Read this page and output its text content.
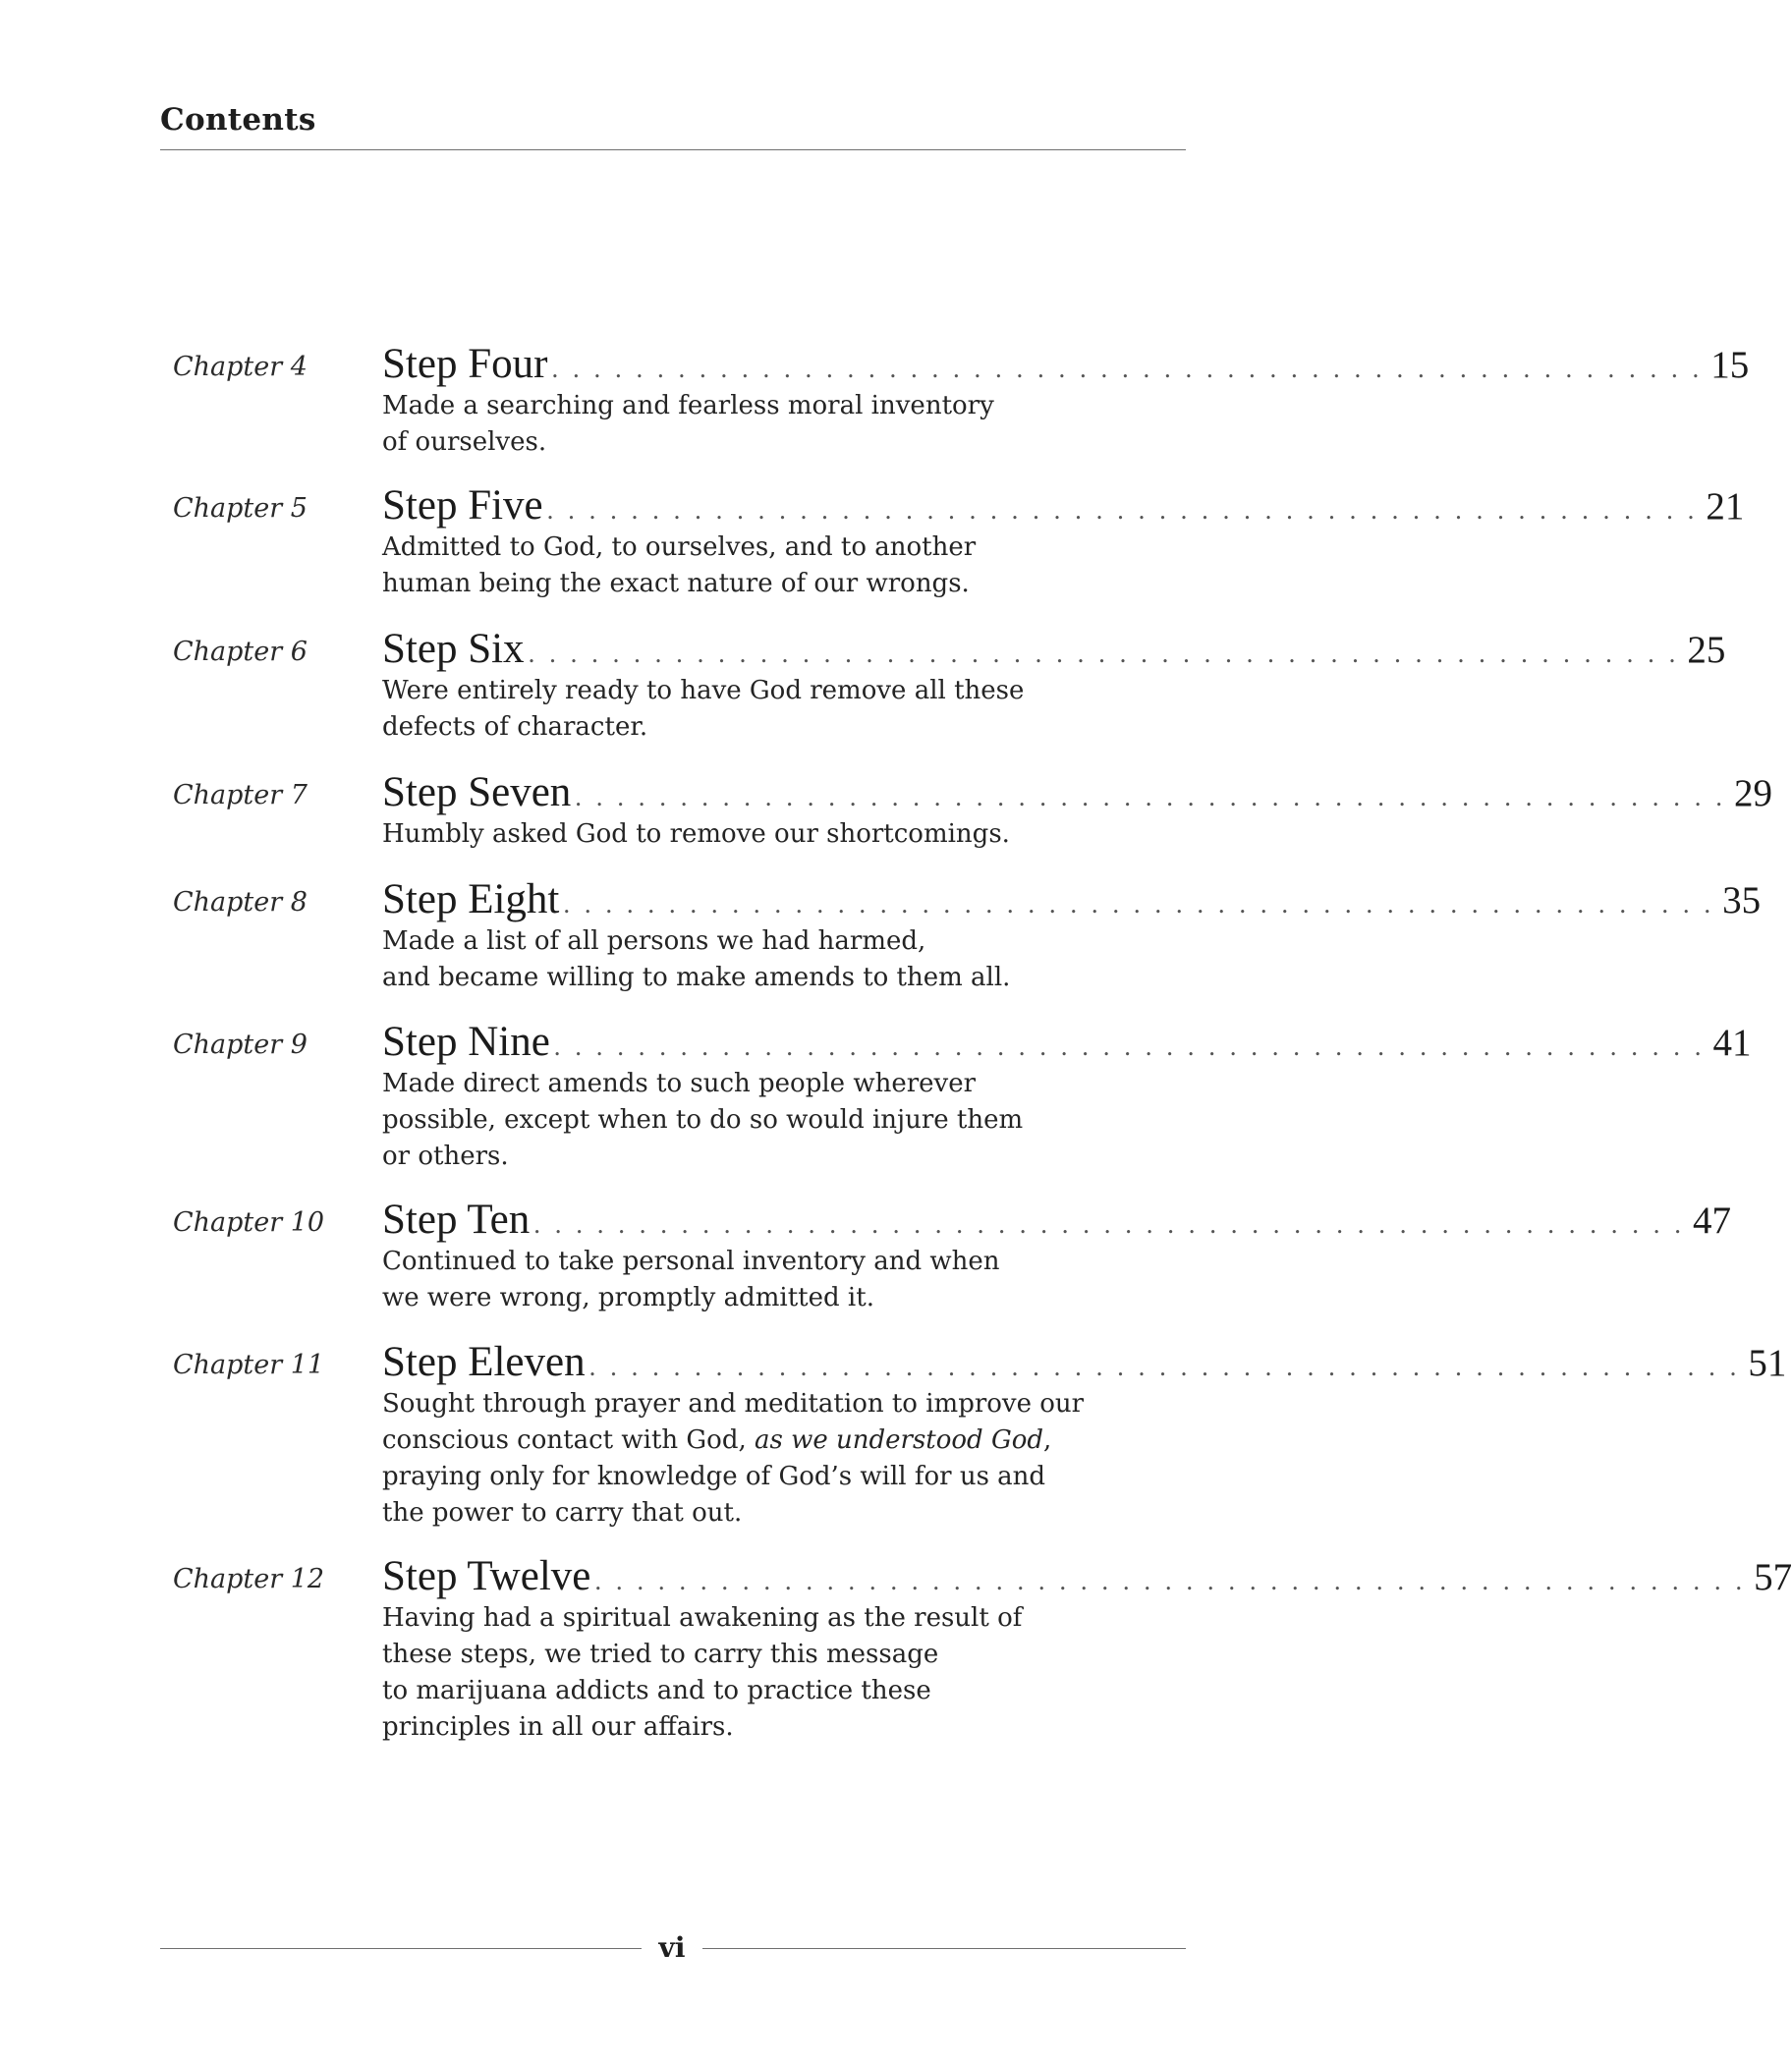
Contents
Chapter 4 Step Four . . . . . . . . . . . . . . . . . . . . . . . . . . . . . . . . . . . . . . . . . . . . . . . . . . . . . . . 15
Made a searching and fearless moral inventory
of ourselves.
Chapter 5 Step Five . . . . . . . . . . . . . . . . . . . . . . . . . . . . . . . . . . . . . . . . . . . . . . . . . . . . . . . 21
Admitted to God, to ourselves, and to another
human being the exact nature of our wrongs.
Chapter 6 Step Six . . . . . . . . . . . . . . . . . . . . . . . . . . . . . . . . . . . . . . . . . . . . . . . . . . . . . . . 25
Were entirely ready to have God remove all these
defects of character.
Chapter 7 Step Seven . . . . . . . . . . . . . . . . . . . . . . . . . . . . . . . . . . . . . . . . . . . . . . . . . . . . . . . 29
Humbly asked God to remove our shortcomings.
Chapter 8 Step Eight . . . . . . . . . . . . . . . . . . . . . . . . . . . . . . . . . . . . . . . . . . . . . . . . . . . . . . . 35
Made a list of all persons we had harmed,
and became willing to make amends to them all.
Chapter 9 Step Nine . . . . . . . . . . . . . . . . . . . . . . . . . . . . . . . . . . . . . . . . . . . . . . . . . . . . . . . 41
Made direct amends to such people wherever
possible, except when to do so would injure them
or others.
Chapter 10 Step Ten . . . . . . . . . . . . . . . . . . . . . . . . . . . . . . . . . . . . . . . . . . . . . . . . . . . . . . . 47
Continued to take personal inventory and when
we were wrong, promptly admitted it.
Chapter 11 Step Eleven . . . . . . . . . . . . . . . . . . . . . . . . . . . . . . . . . . . . . . . . . . . . . . . . . . . . . . . 51
Sought through prayer and meditation to improve our
conscious contact with God, as we understood God,
praying only for knowledge of God’s will for us and
the power to carry that out.
Chapter 12 Step Twelve . . . . . . . . . . . . . . . . . . . . . . . . . . . . . . . . . . . . . . . . . . . . . . . . . . . . . . . 57
Having had a spiritual awakening as the result of
these steps, we tried to carry this message
to marijuana addicts and to practice these
principles in all our affairs.
vi
